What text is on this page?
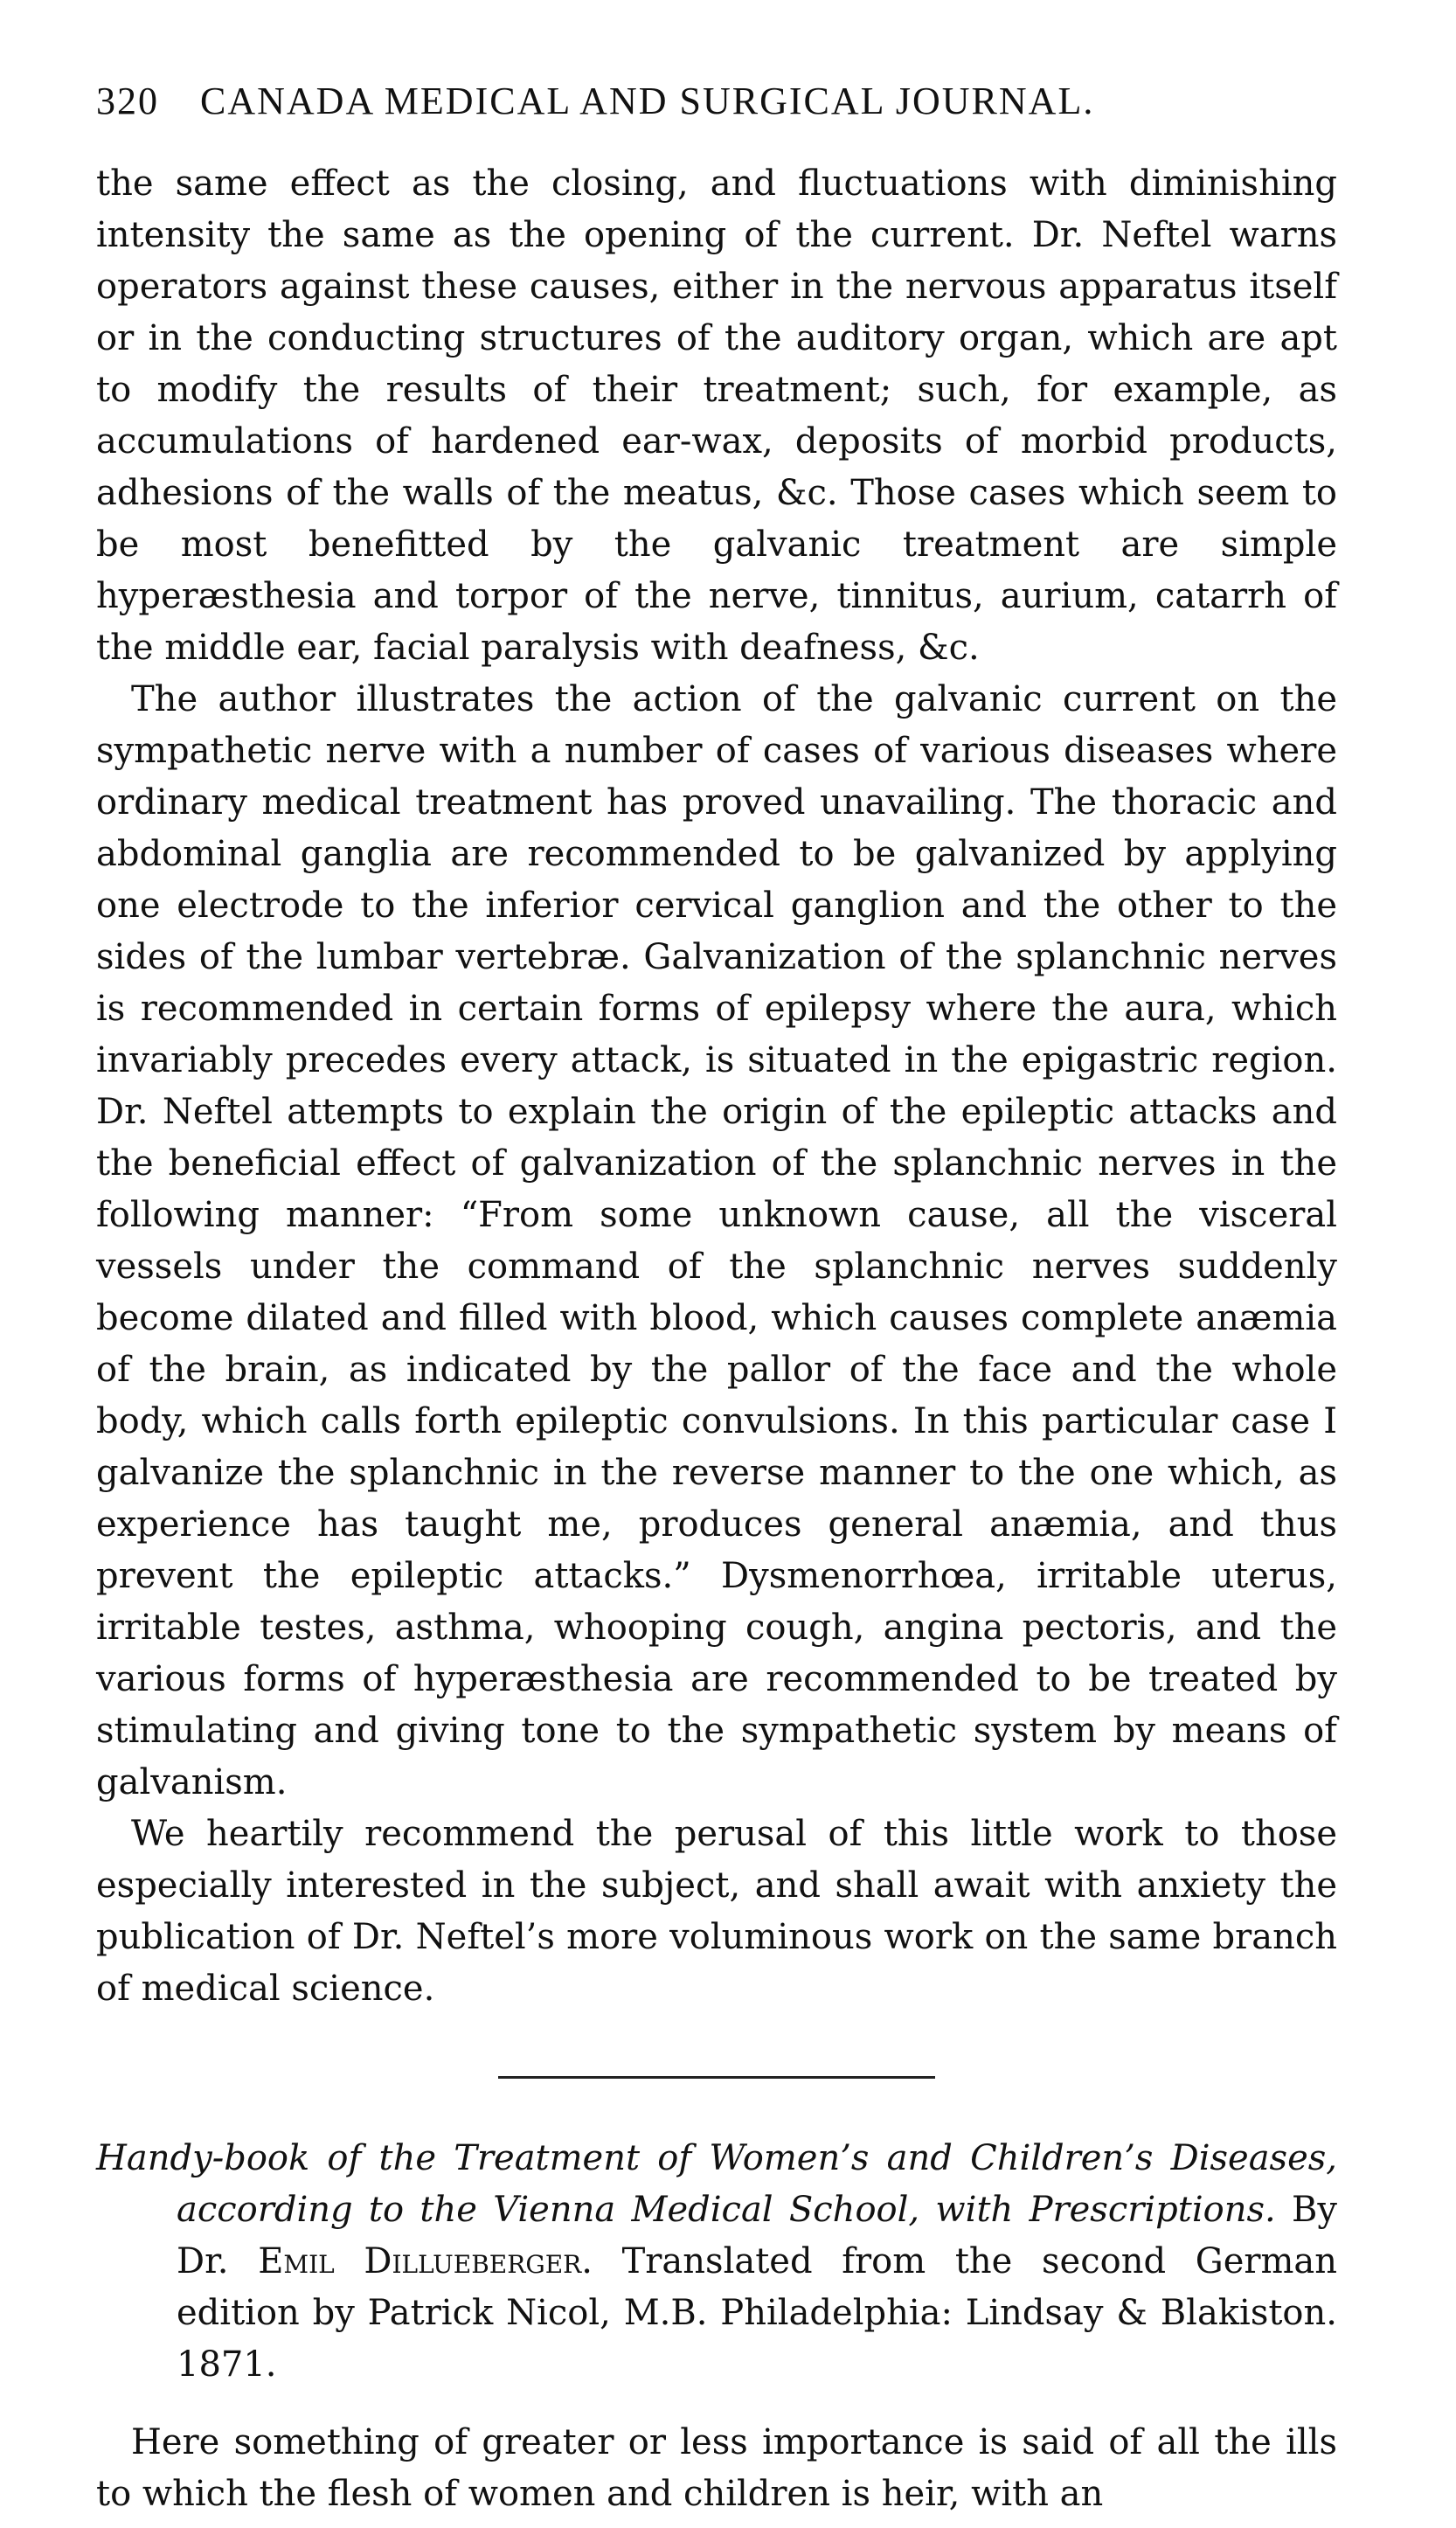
320 CANADA MEDICAL AND SURGICAL JOURNAL.

the same effect as the closing, and fluctuations with diminishing intensity the same as the opening of the current. Dr. Neftel warns operators against these causes, either in the nervous apparatus itself or in the conducting structures of the auditory organ, which are apt to modify the results of their treatment; such, for example, as accumulations of hardened ear-wax, deposits of morbid products, adhesions of the walls of the meatus, &c. Those cases which seem to be most benefitted by the galvanic treatment are simple hyperæsthesia and torpor of the nerve, tinnitus, aurium, catarrh of the middle ear, facial paralysis with deafness, &c.

The author illustrates the action of the galvanic current on the sympathetic nerve with a number of cases of various diseases where ordinary medical treatment has proved unavailing. The thoracic and abdominal ganglia are recommended to be galvanized by applying one electrode to the inferior cervical ganglion and the other to the sides of the lumbar vertebræ. Galvanization of the splanchnic nerves is recommended in certain forms of epilepsy where the aura, which invariably precedes every attack, is situated in the epigastric region. Dr. Neftel attempts to explain the origin of the epileptic attacks and the beneficial effect of galvanization of the splanchnic nerves in the following manner: “From some unknown cause, all the visceral vessels under the command of the splanchnic nerves suddenly become dilated and filled with blood, which causes complete anæmia of the brain, as indicated by the pallor of the face and the whole body, which calls forth epileptic convulsions. In this particular case I galvanize the splanchnic in the reverse manner to the one which, as experience has taught me, produces general anæmia, and thus prevent the epileptic attacks.” Dysmenorrhœa, irritable uterus, irritable testes, asthma, whooping cough, angina pectoris, and the various forms of hyperæsthesia are recommended to be treated by stimulating and giving tone to the sympathetic system by means of galvanism.

We heartily recommend the perusal of this little work to those especially interested in the subject, and shall await with anxiety the publication of Dr. Neftel’s more voluminous work on the same branch of medical science.

Handy-book of the Treatment of Women’s and Children’s Diseases, according to the Vienna Medical School, with Prescriptions. By Dr. Emil Dillueberger. Translated from the second German edition by Patrick Nicol, M.B. Philadelphia: Lindsay & Blakiston. 1871.

Here something of greater or less importance is said of all the ills to which the flesh of women and children is heir, with an
